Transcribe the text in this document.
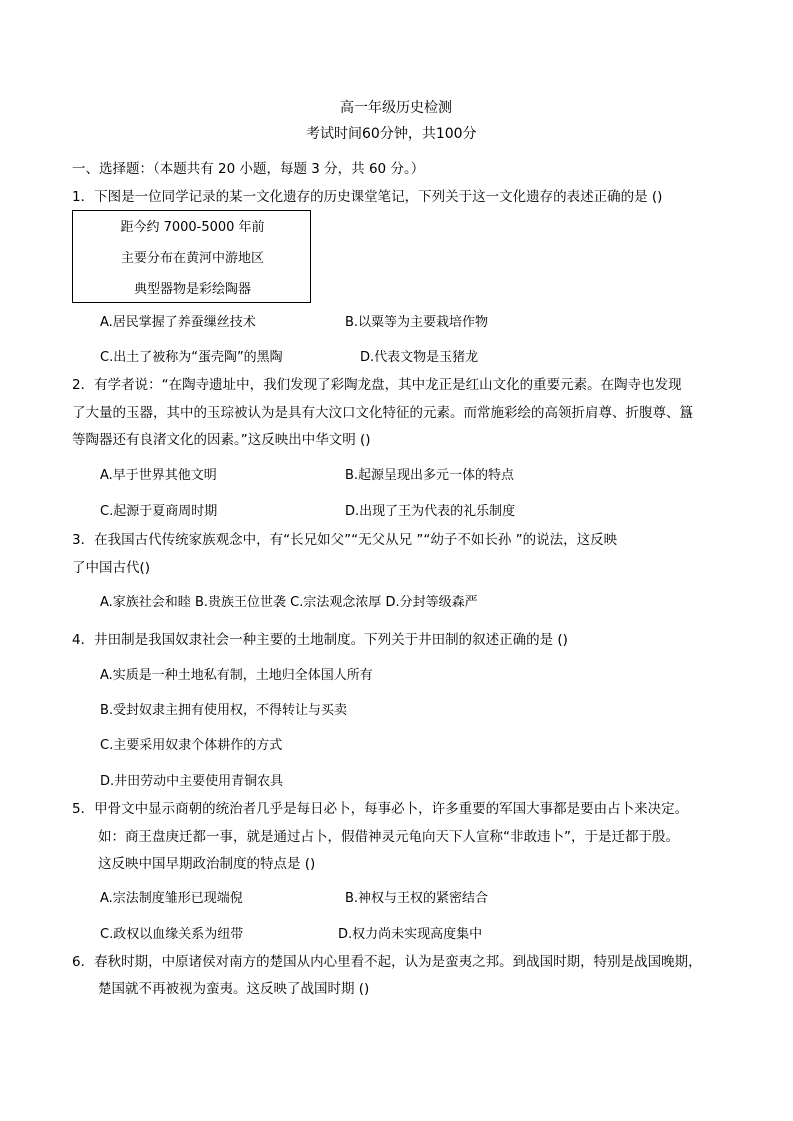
高一年级历史检测
考试时间60分钟，共100分
一、选择题：（本题共有 20 小题，每题 3 分，共 60 分。）
1．下图是一位同学记录的某一文化遗存的历史课堂笔记，下列关于这一文化遗存的表述正确的是 ()
距今约 7000-5000 年前
主要分布在黄河中游地区
典型器物是彩绘陶器
A.居民掌握了养蚕缫丝技术	B.以粟等为主要栽培作物
C.出土了被称为“蛋壳陶”的黑陶	D.代表文物是玉猪龙
2．有学者说：“在陶寺遗址中，我们发现了彩陶龙盘，其中龙正是红山文化的重要元素。在陶寺也发现
了大量的玉器，其中的玉琮被认为是具有大汶口文化特征的元素。而常施彩绘的高领折肩尊、折腹尊、簋
等陶器还有良渚文化的因素。”这反映出中华文明 ()
A.早于世界其他文明	B.起源呈现出多元一体的特点
C.起源于夏商周时期	D.出现了王为代表的礼乐制度
3．在我国古代传统家族观念中，有“长兄如父”“无父从兄 ”“幼子不如长孙 ”的说法，这反映
了中国古代()
A.家族社会和睦 B.贵族王位世袭 C.宗法观念浓厚 D.分封等级森严
4．井田制是我国奴隶社会一种主要的土地制度。下列关于井田制的叙述正确的是 ()
A.实质是一种土地私有制，土地归全体国人所有
B.受封奴隶主拥有使用权，不得转让与买卖
C.主要采用奴隶个体耕作的方式
D.井田劳动中主要使用青铜农具
5．甲骨文中显示商朝的统治者几乎是每日必卜，每事必卜，许多重要的军国大事都是要由占卜来决定。
如：商王盘庚迁都一事，就是通过占卜，假借神灵元龟向天下人宣称“非敢违卜”，于是迁都于殷。
这反映中国早期政治制度的特点是 ()
A.宗法制度雏形已现端倪	B.神权与王权的紧密结合
C.政权以血缘关系为纽带	D.权力尚未实现高度集中
6．春秋时期，中原诸侯对南方的楚国从内心里看不起，认为是蛮夷之邦。到战国时期，特别是战国晚期，
楚国就不再被视为蛮夷。这反映了战国时期 ()
